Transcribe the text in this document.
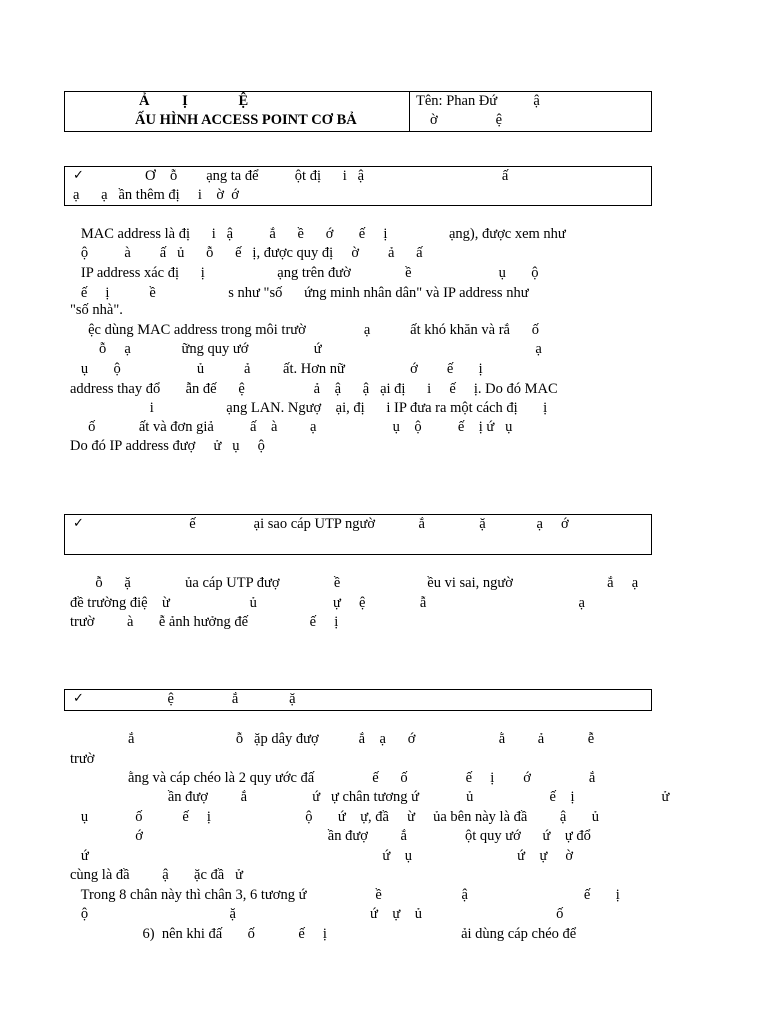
Ả         Ị              Ệ
ẤU HÌNH ACCESS POINT CƠ BẢ
Tên: Phan Đứ          ậ
ờ                ệ
✓	Ơ    ỗ        ạng ta để          ột đị      i   ậ                                      ấ
ạ      ạ   ần thêm đị     i    ờ  ớ
MAC address là đị      i   ậ          ắ      ề      ớ       ế     ị                 ạng), được xem như
ộ          à        ấ   ủ      ỗ      ế   ị, được quy đị     ờ        ả      ấ
IP address xác đị      ị                    ạng trên đườ               ề                        ụ       ộ
ế     ị           ề                    s như "số      ứng minh nhân dân" và IP address như
"số nhà".
ệc dùng MAC address trong môi trườ                ạ           ất khó khăn và rắ      ố
ỗ     ạ              ững quy ướ                  ứ                                                           ạ
ụ       ộ                     ủ           ả         ất. Hơn nữ                  ớ        ế       ị
address thay đổ       ẫn đế      ệ                   ả    ậ      ậ   ại đị      i     ế     ị. Do đó MAC
i                    ạng LAN. Ngượ    ại, đị      i IP đưa ra một cách đị       ị
ố            ất và đơn giả          ấ    à         ạ                     ụ    ộ          ế    ị ứ   ụ
Do đó IP address đượ     ử   ụ     ộ
✓ ế                ại sao cáp UTP ngườ            ắ               ặ              ạ     ớ
ỗ      ặ               ủa cáp UTP đượ               ề                        ều vi sai, ngườ                          ắ     ạ
đề trường điệ    ừ                      ủ                     ự     ệ               ẫ                                          ạ
trườ         à       ễ ảnh hưởng đế                 ế     ị
✓ ệ                ắ              ặ
ắ                            ỗ   ặp dây đượ           ắ    ạ      ớ                       ằ         ả            ễ
trườ
ằng và cáp chéo là 2 quy ước đấ                ế      ố                ế     ị        ớ                ắ
ần đượ         ắ                  ứ   ự chân tương ứ             ủ                     ế    ị                        ử
ụ             ố           ế     ị                          ộ       ứ    ự, đầ     ừ     ủa bên này là đầ         ậ       ủ
ớ                                                   ần đượ         ắ                ột quy ướ      ứ    ự đổ
ứ                                                                                 ứ    ụ                             ứ    ự     ờ
cùng là đầ         ậ       ặc đầ   ử
Trong 8 chân này thì chân 3, 6 tương ứ                   ề                      ậ                                ế       ị
ộ                                       ặ                                     ứ    ự    ủ                                     ố
6)  nên khi đấ       ố            ế     ị                                     ải dùng cáp chéo để
